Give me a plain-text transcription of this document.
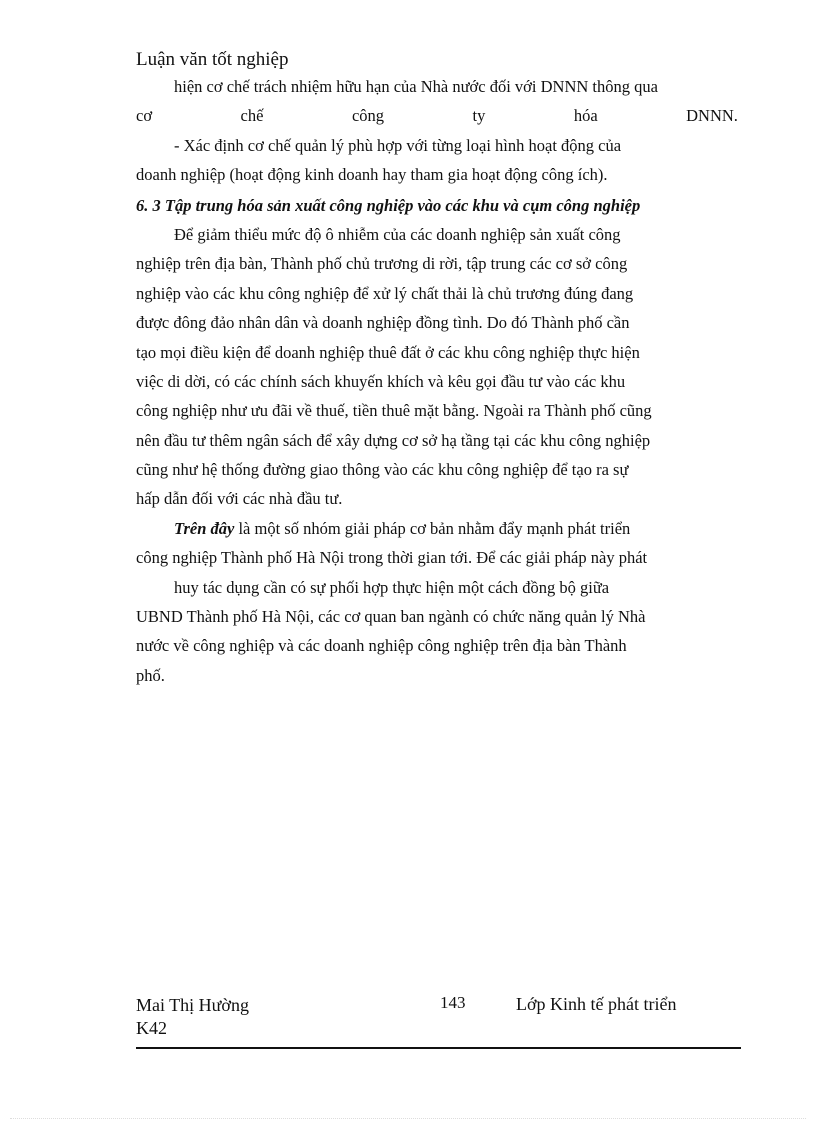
Luận văn tốt nghiệp
hiện cơ chế trách nhiệm hữu hạn của Nhà nước đối với DNNN thông qua
cơ	chế	công	ty	hóa	DNNN.
- Xác định cơ chế quản lý phù hợp với từng loại hình hoạt động của
doanh nghiệp (hoạt động kinh doanh hay tham gia hoạt động công ích).
6. 3 Tập trung hóa sản xuất công nghiệp vào các khu và cụm công nghiệp
Để giảm thiểu mức độ ô nhiễm của các doanh nghiệp sản xuất công
nghiệp trên địa bàn, Thành phố chủ trương di rời, tập trung các cơ sở công
nghiệp vào các khu công nghiệp để xử lý chất thải là chủ trương đúng đang
được đông đảo nhân dân và doanh nghiệp đồng tình. Do đó Thành phố cần
tạo mọi điều kiện để doanh nghiệp thuê đất ở các khu công nghiệp thực hiện
việc di dời, có các chính sách khuyến khích và kêu gọi đầu tư vào các khu
công nghiệp như ưu đãi về thuế, tiền thuê mặt bằng. Ngoài ra Thành phố cũng
nên đầu tư thêm ngân sách để xây dựng cơ sở hạ tầng tại các khu công nghiệp
cũng như hệ thống đường giao thông vào các khu công nghiệp để tạo ra sự
hấp dẫn đối với các nhà đầu tư.
Trên đây là một số nhóm giải pháp cơ bản nhằm đẩy mạnh phát triển
công nghiệp Thành phố Hà Nội trong thời gian tới. Để các giải pháp này phát
huy tác dụng cần có sự phối hợp thực hiện một cách đồng bộ giữa
UBND Thành phố Hà Nội, các cơ quan ban ngành có chức năng quản lý Nhà
nước về công nghiệp và các doanh nghiệp công nghiệp trên địa bàn Thành
phố.
Mai Thị Hường
K42
143	Lớp Kinh tế phát triển
